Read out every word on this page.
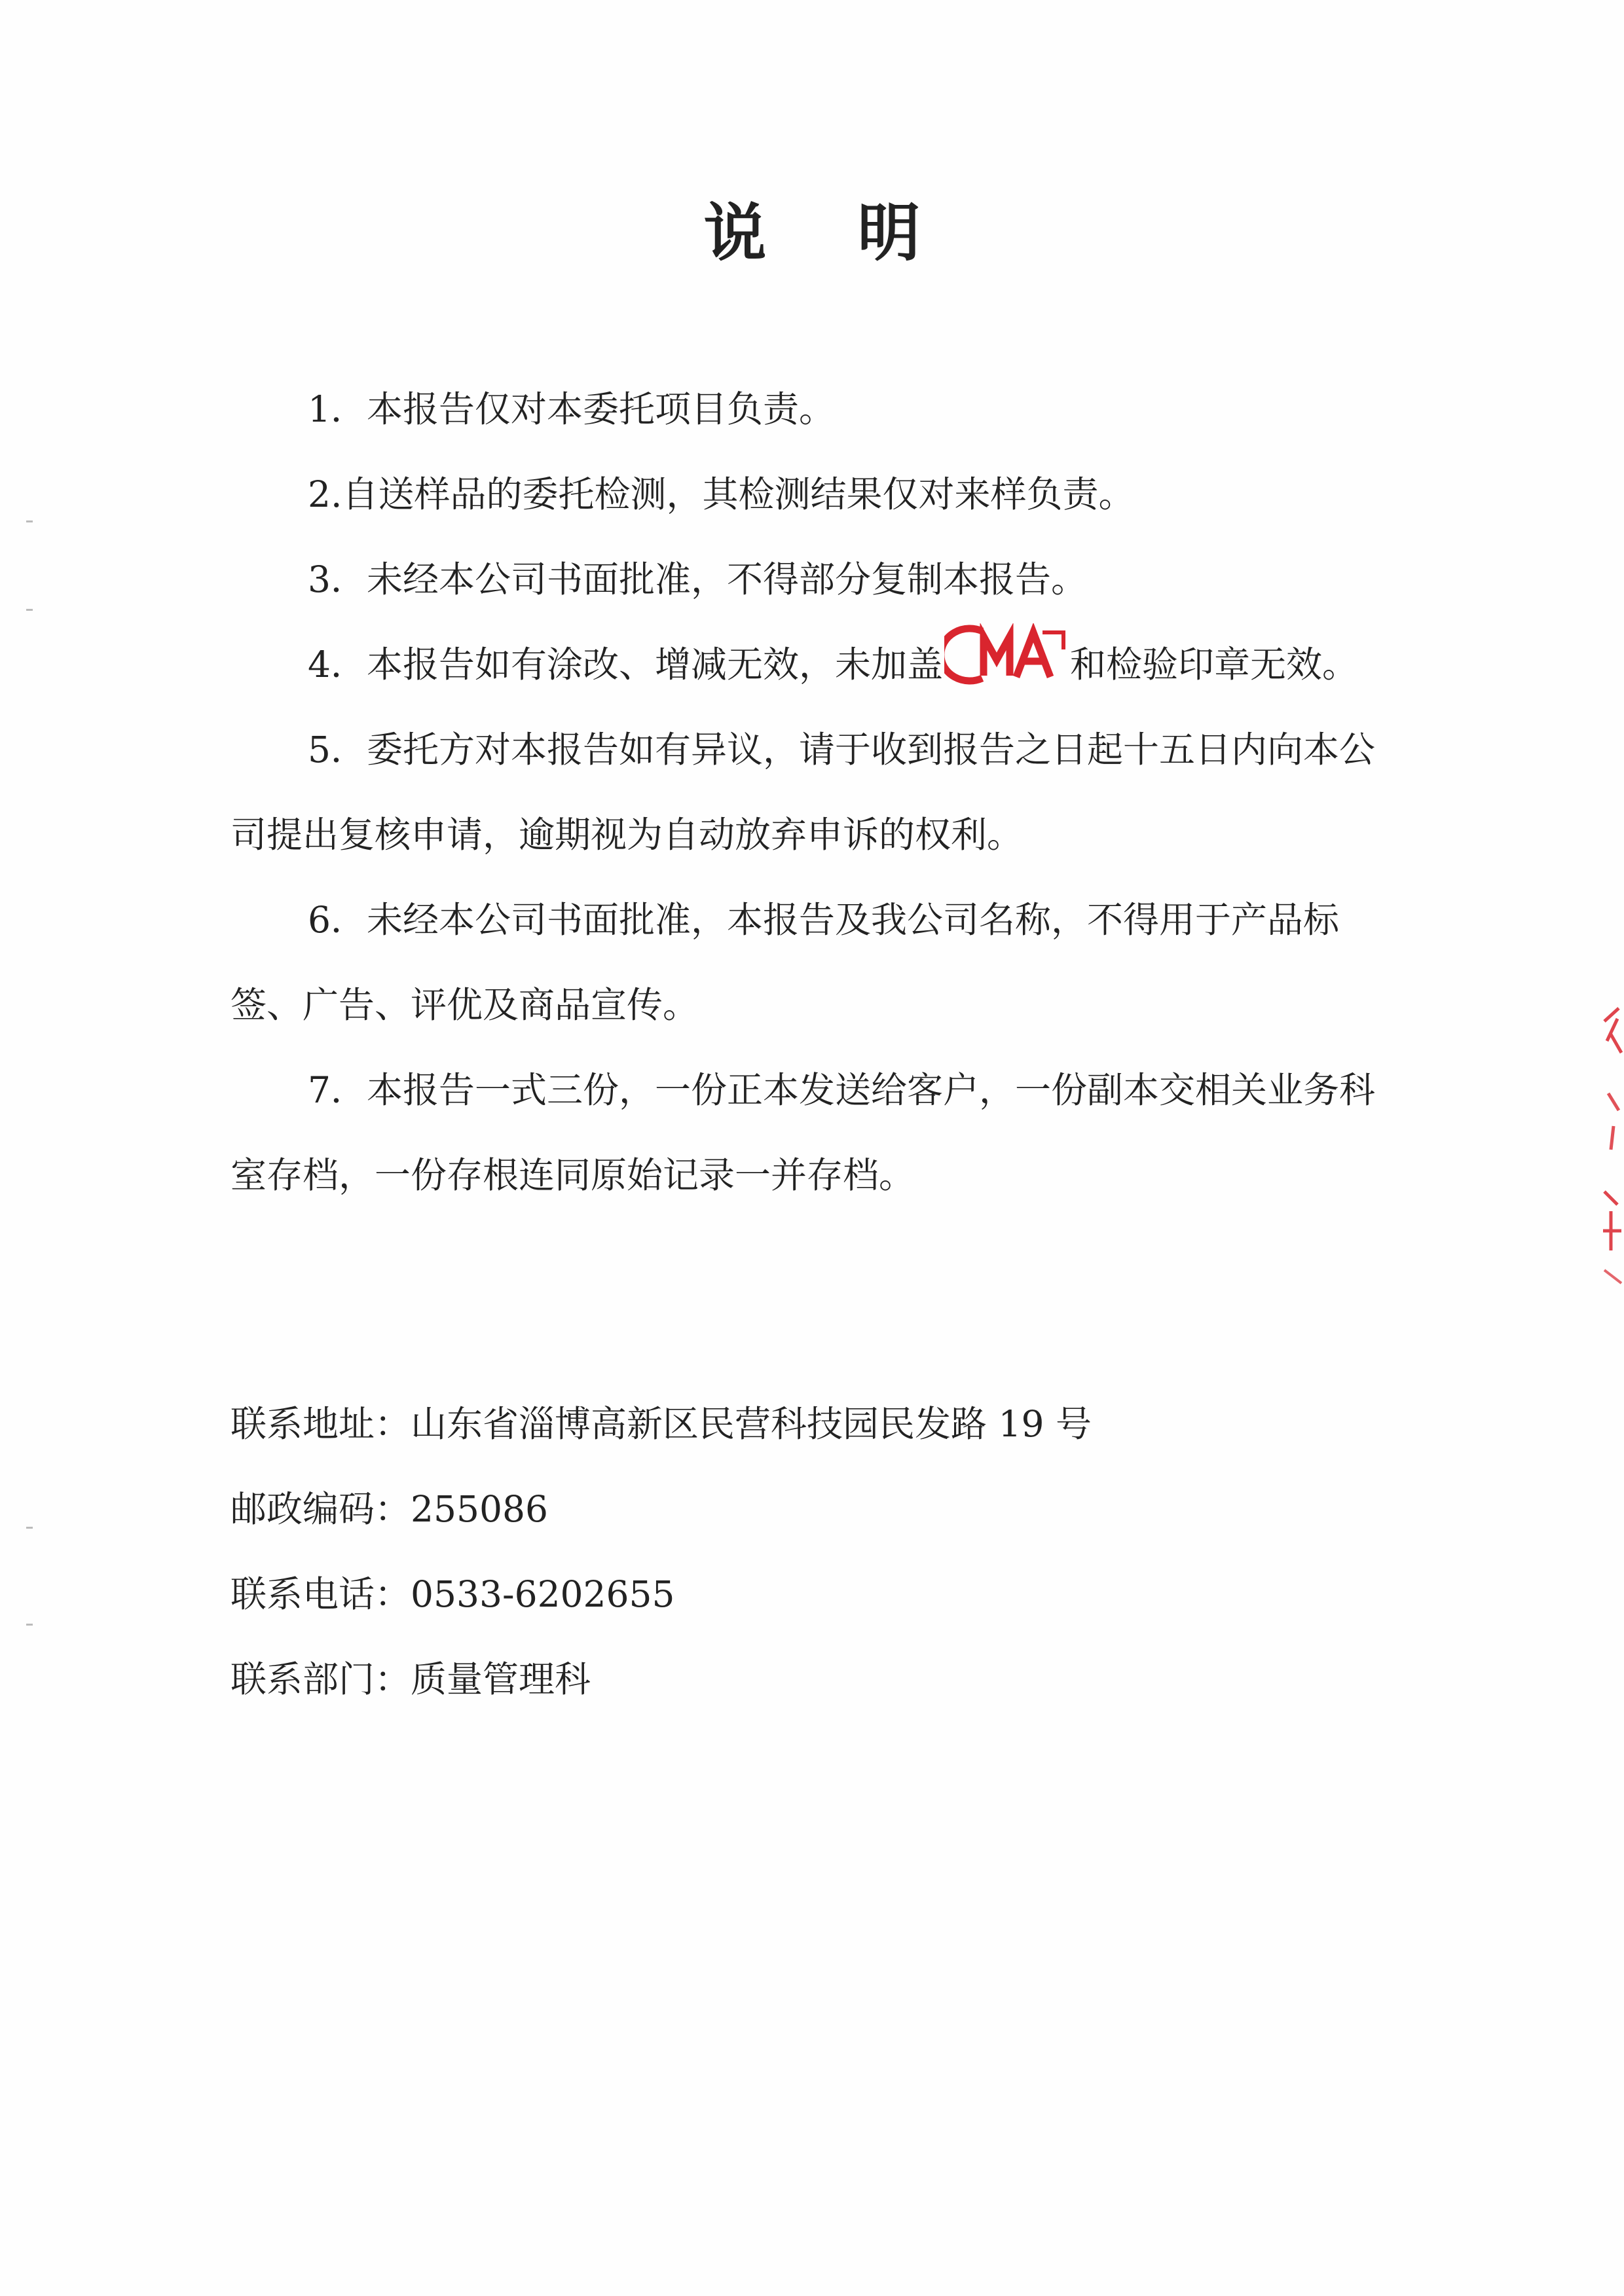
说 明

1．本报告仅对本委托项目负责。

2.自送样品的委托检测，其检测结果仅对来样负责。

3．未经本公司书面批准，不得部分复制本报告。

4．本报告如有涂改、增减无效，未加盖	和检验印章无效。

5．委托方对本报告如有异议，请于收到报告之日起十五日内向本公司提出复核申请，逾期视为自动放弃申诉的权利。

6．未经本公司书面批准，本报告及我公司名称，不得用于产品标签、广告、评优及商品宣传。

7．本报告一式三份，一份正本发送给客户，一份副本交相关业务科室存档，一份存根连同原始记录一并存档。

联系地址：山东省淄博高新区民营科技园民发路 19 号
邮政编码：255086
联系电话：0533-6202655
联系部门：质量管理科
